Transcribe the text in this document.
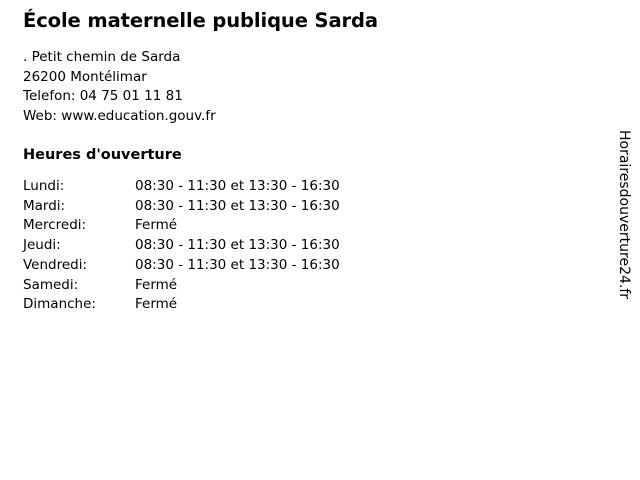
École maternelle publique Sarda

. Petit chemin de Sarda

26200 Montélimar

Telefon: 04 75 01 11 81

Web: www.education.gouv.fr

Heures d'ouverture
Lundi:	08:30 - 11:30 et 13:30 - 16:30
Mardi:	08:30 - 11:30 et 13:30 - 16:30
Mercredi:	Fermé
Jeudi:	08:30 - 11:30 et 13:30 - 16:30
Vendredi:	08:30 - 11:30 et 13:30 - 16:30
Samedi:	Fermé
Dimanche:	Fermé
Horairesdouverture24.fr
